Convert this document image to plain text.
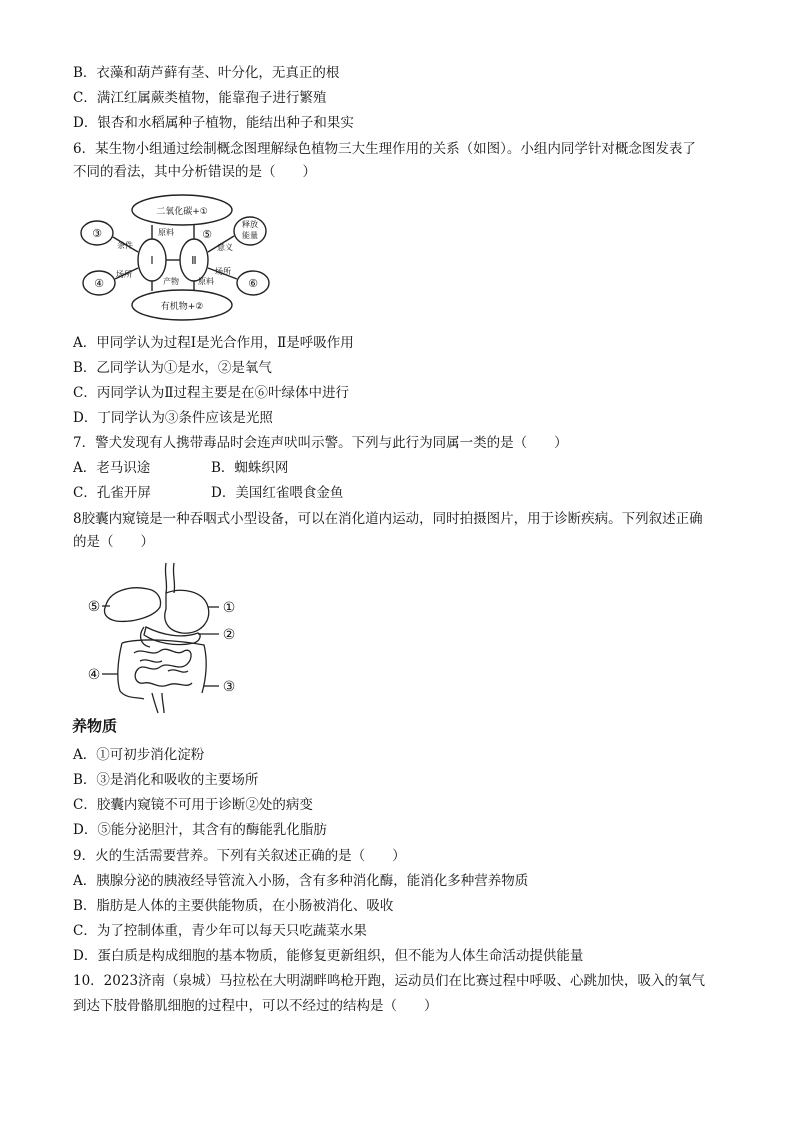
B．衣藻和葫芦藓有茎、叶分化，无真正的根
C．满江红属蕨类植物，能靠孢子进行繁殖
D．银杏和水稻属种子植物，能结出种子和果实
6．某生物小组通过绘制概念图理解绿色植物三大生理作用的关系（如图）。小组内同学针对概念图发表了
不同的看法，其中分析错误的是（　　）
二氧化碳+①
有机物+②
Ⅰ	Ⅱ
③
④
释放
能量
⑥
⑤
条件
场所
原料
产物
意义
场所
原料
A．甲同学认为过程Ⅰ是光合作用，Ⅱ是呼吸作用
B．乙同学认为①是水，②是氧气
C．丙同学认为Ⅱ过程主要是在⑥叶绿体中进行
D．丁同学认为③条件应该是光照
7．警犬发现有人携带毒品时会连声吠叫示警。下列与此行为同属一类的是（　　）
A．老马识途	B．蜘蛛织网
C．孔雀开屏	D．美国红雀喂食金鱼
8胶囊内窥镜是一种吞咽式小型设备，可以在消化道内运动，同时拍摄图片，用于诊断疾病。下列叙述正确
的是（　　）
①
②
③
④
⑤
养物质
A．①可初步消化淀粉
B．③是消化和吸收的主要场所
C．胶囊内窥镜不可用于诊断②处的病变
D．⑤能分泌胆汁，其含有的酶能乳化脂肪
9．火的生活需要营养。下列有关叙述正确的是（　　）
A．胰腺分泌的胰液经导管流入小肠，含有多种消化酶，能消化多种营养物质
B．脂肪是人体的主要供能物质，在小肠被消化、吸收
C．为了控制体重，青少年可以每天只吃蔬菜水果
D．蛋白质是构成细胞的基本物质，能修复更新组织，但不能为人体生命活动提供能量
10．2023济南（泉城）马拉松在大明湖畔鸣枪开跑，运动员们在比赛过程中呼吸、心跳加快，吸入的氧气
到达下肢骨骼肌细胞的过程中，可以不经过的结构是（　　）
